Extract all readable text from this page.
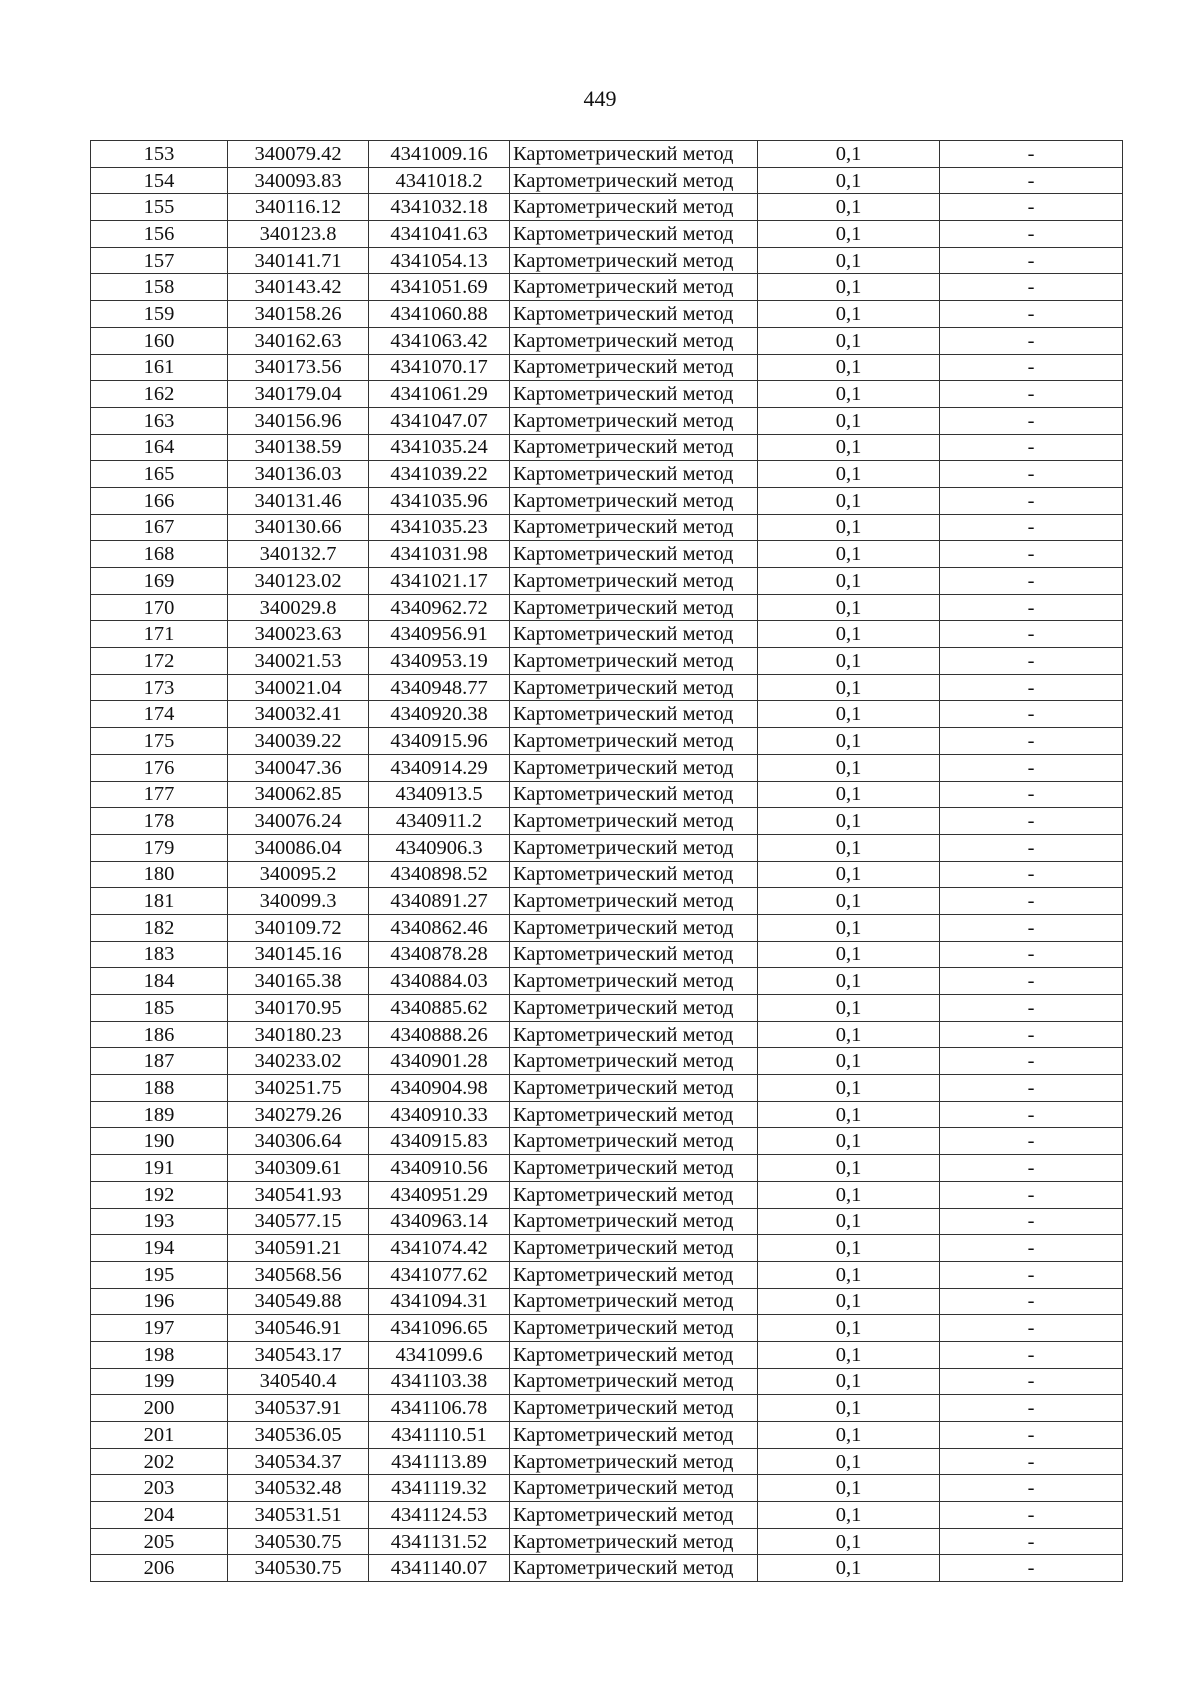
449
153	340079.42	4341009.16	Картометрический метод	0,1	-
154	340093.83	4341018.2	Картометрический метод	0,1	-
155	340116.12	4341032.18	Картометрический метод	0,1	-
156	340123.8	4341041.63	Картометрический метод	0,1	-
157	340141.71	4341054.13	Картометрический метод	0,1	-
158	340143.42	4341051.69	Картометрический метод	0,1	-
159	340158.26	4341060.88	Картометрический метод	0,1	-
160	340162.63	4341063.42	Картометрический метод	0,1	-
161	340173.56	4341070.17	Картометрический метод	0,1	-
162	340179.04	4341061.29	Картометрический метод	0,1	-
163	340156.96	4341047.07	Картометрический метод	0,1	-
164	340138.59	4341035.24	Картометрический метод	0,1	-
165	340136.03	4341039.22	Картометрический метод	0,1	-
166	340131.46	4341035.96	Картометрический метод	0,1	-
167	340130.66	4341035.23	Картометрический метод	0,1	-
168	340132.7	4341031.98	Картометрический метод	0,1	-
169	340123.02	4341021.17	Картометрический метод	0,1	-
170	340029.8	4340962.72	Картометрический метод	0,1	-
171	340023.63	4340956.91	Картометрический метод	0,1	-
172	340021.53	4340953.19	Картометрический метод	0,1	-
173	340021.04	4340948.77	Картометрический метод	0,1	-
174	340032.41	4340920.38	Картометрический метод	0,1	-
175	340039.22	4340915.96	Картометрический метод	0,1	-
176	340047.36	4340914.29	Картометрический метод	0,1	-
177	340062.85	4340913.5	Картометрический метод	0,1	-
178	340076.24	4340911.2	Картометрический метод	0,1	-
179	340086.04	4340906.3	Картометрический метод	0,1	-
180	340095.2	4340898.52	Картометрический метод	0,1	-
181	340099.3	4340891.27	Картометрический метод	0,1	-
182	340109.72	4340862.46	Картометрический метод	0,1	-
183	340145.16	4340878.28	Картометрический метод	0,1	-
184	340165.38	4340884.03	Картометрический метод	0,1	-
185	340170.95	4340885.62	Картометрический метод	0,1	-
186	340180.23	4340888.26	Картометрический метод	0,1	-
187	340233.02	4340901.28	Картометрический метод	0,1	-
188	340251.75	4340904.98	Картометрический метод	0,1	-
189	340279.26	4340910.33	Картометрический метод	0,1	-
190	340306.64	4340915.83	Картометрический метод	0,1	-
191	340309.61	4340910.56	Картометрический метод	0,1	-
192	340541.93	4340951.29	Картометрический метод	0,1	-
193	340577.15	4340963.14	Картометрический метод	0,1	-
194	340591.21	4341074.42	Картометрический метод	0,1	-
195	340568.56	4341077.62	Картометрический метод	0,1	-
196	340549.88	4341094.31	Картометрический метод	0,1	-
197	340546.91	4341096.65	Картометрический метод	0,1	-
198	340543.17	4341099.6	Картометрический метод	0,1	-
199	340540.4	4341103.38	Картометрический метод	0,1	-
200	340537.91	4341106.78	Картометрический метод	0,1	-
201	340536.05	4341110.51	Картометрический метод	0,1	-
202	340534.37	4341113.89	Картометрический метод	0,1	-
203	340532.48	4341119.32	Картометрический метод	0,1	-
204	340531.51	4341124.53	Картометрический метод	0,1	-
205	340530.75	4341131.52	Картометрический метод	0,1	-
206	340530.75	4341140.07	Картометрический метод	0,1	-
